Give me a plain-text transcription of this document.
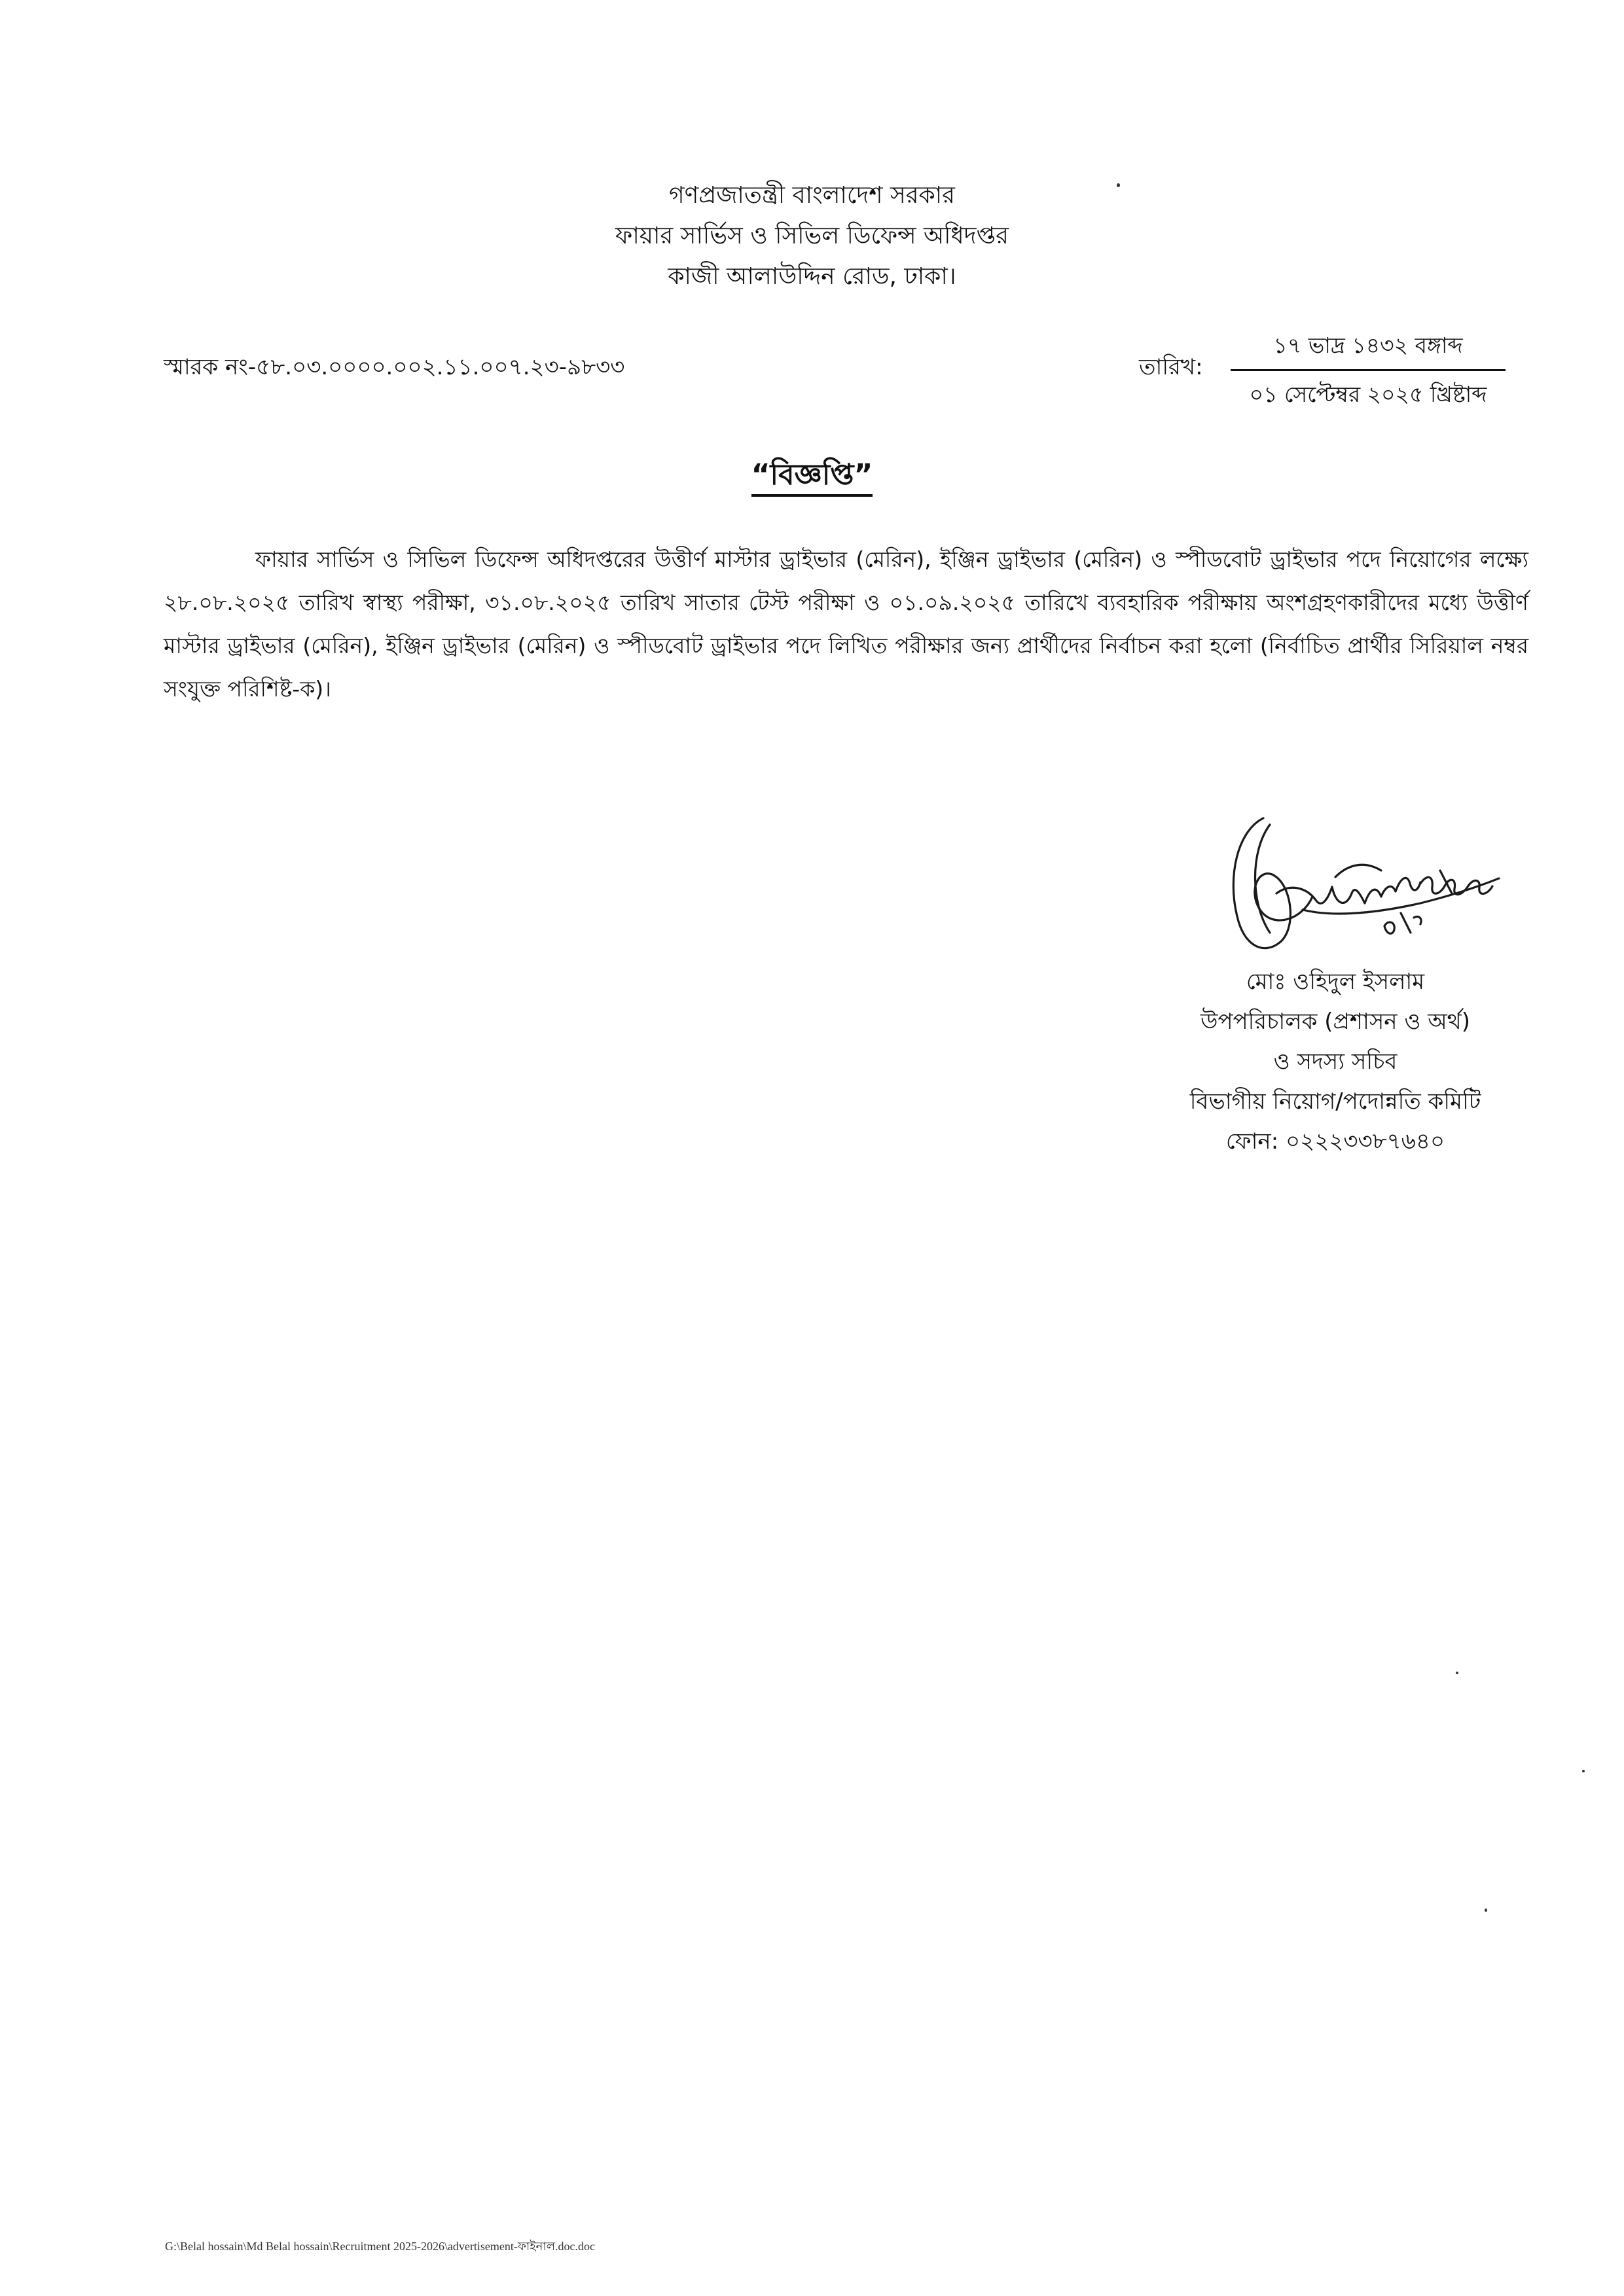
গণপ্রজাতন্ত্রী বাংলাদেশ সরকার
ফায়ার সার্ভিস ও সিভিল ডিফেন্স অধিদপ্তর
কাজী আলাউদ্দিন রোড, ঢাকা।
স্মারক নং-৫৮.০৩.০০০০.০০২.১১.০০৭.২৩-৯৮৩৩	তারিখ:
১৭ ভাদ্র ১৪৩২ বঙ্গাব্দ
০১ সেপ্টেম্বর ২০২৫ খ্রিষ্টাব্দ
“বিজ্ঞপ্তি”
ফায়ার সার্ভিস ও সিভিল ডিফেন্স অধিদপ্তরের উত্তীর্ণ মাস্টার ড্রাইভার (মেরিন), ইঞ্জিন ড্রাইভার (মেরিন) ও স্পীডবোট ড্রাইভার পদে নিয়োগের লক্ষ্যে ২৮.০৮.২০২৫ তারিখ স্বাস্থ্য পরীক্ষা, ৩১.০৮.২০২৫ তারিখ সাতার টেস্ট পরীক্ষা ও ০১.০৯.২০২৫ তারিখে ব্যবহারিক পরীক্ষায় অংশগ্রহণকারীদের মধ্যে উত্তীর্ণ মাস্টার ড্রাইভার (মেরিন), ইঞ্জিন ড্রাইভার (মেরিন) ও স্পীডবোট ড্রাইভার পদে লিখিত পরীক্ষার জন্য প্রার্থীদের নির্বাচন করা হলো (নির্বাচিত প্রার্থীর সিরিয়াল নম্বর সংযুক্ত পরিশিষ্ট-ক)।
মোঃ ওহিদুল ইসলাম
উপপরিচালক (প্রশাসন ও অর্থ)
ও সদস্য সচিব
বিভাগীয় নিয়োগ/পদোন্নতি কমিটি
ফোন: ০২২২৩৩৮৭৬৪০
G:\Belal hossain\Md Belal hossain\Recruitment 2025-2026\advertisement-ফাইনাল.doc.doc
